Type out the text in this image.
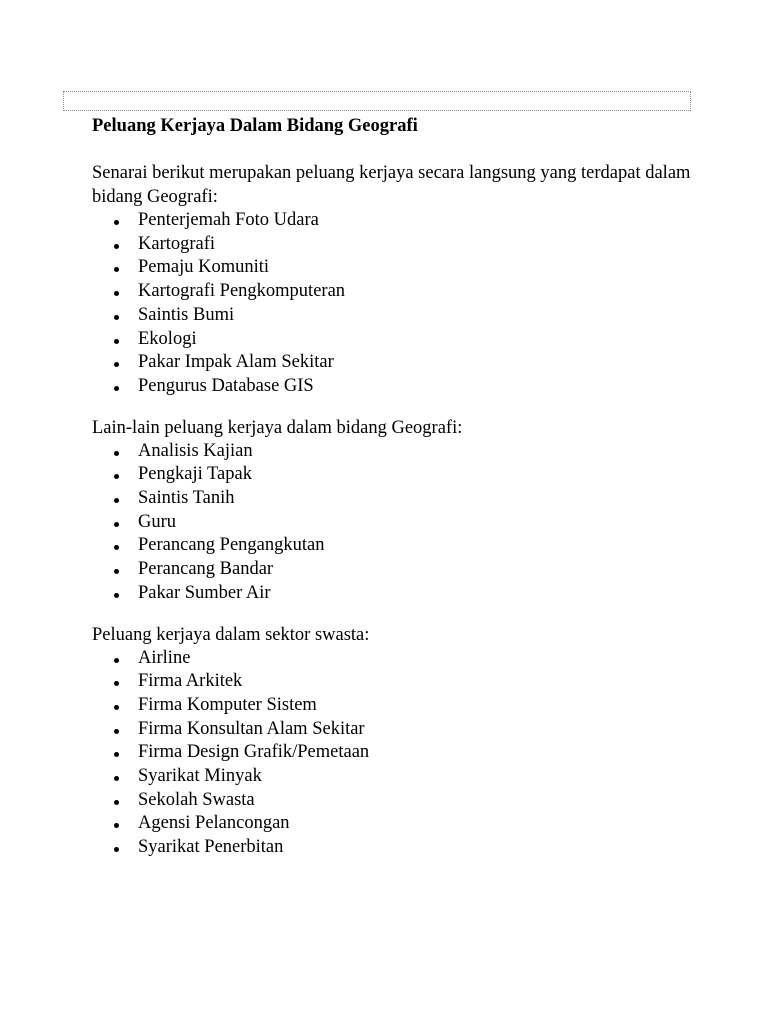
Peluang Kerjaya Dalam Bidang Geografi

Senarai berikut merupakan peluang kerjaya secara langsung yang terdapat dalam bidang Geografi:

Penterjemah Foto Udara
Kartografi
Pemaju Komuniti
Kartografi Pengkomputeran
Saintis Bumi
Ekologi
Pakar Impak Alam Sekitar
Pengurus Database GIS

Lain-lain peluang kerjaya dalam bidang Geografi:

Analisis Kajian
Pengkaji Tapak
Saintis Tanih
Guru
Perancang Pengangkutan
Perancang Bandar
Pakar Sumber Air

Peluang kerjaya dalam sektor swasta:

Airline
Firma Arkitek
Firma Komputer Sistem
Firma Konsultan Alam Sekitar
Firma Design Grafik/Pemetaan
Syarikat Minyak
Sekolah Swasta
Agensi Pelancongan
Syarikat Penerbitan
